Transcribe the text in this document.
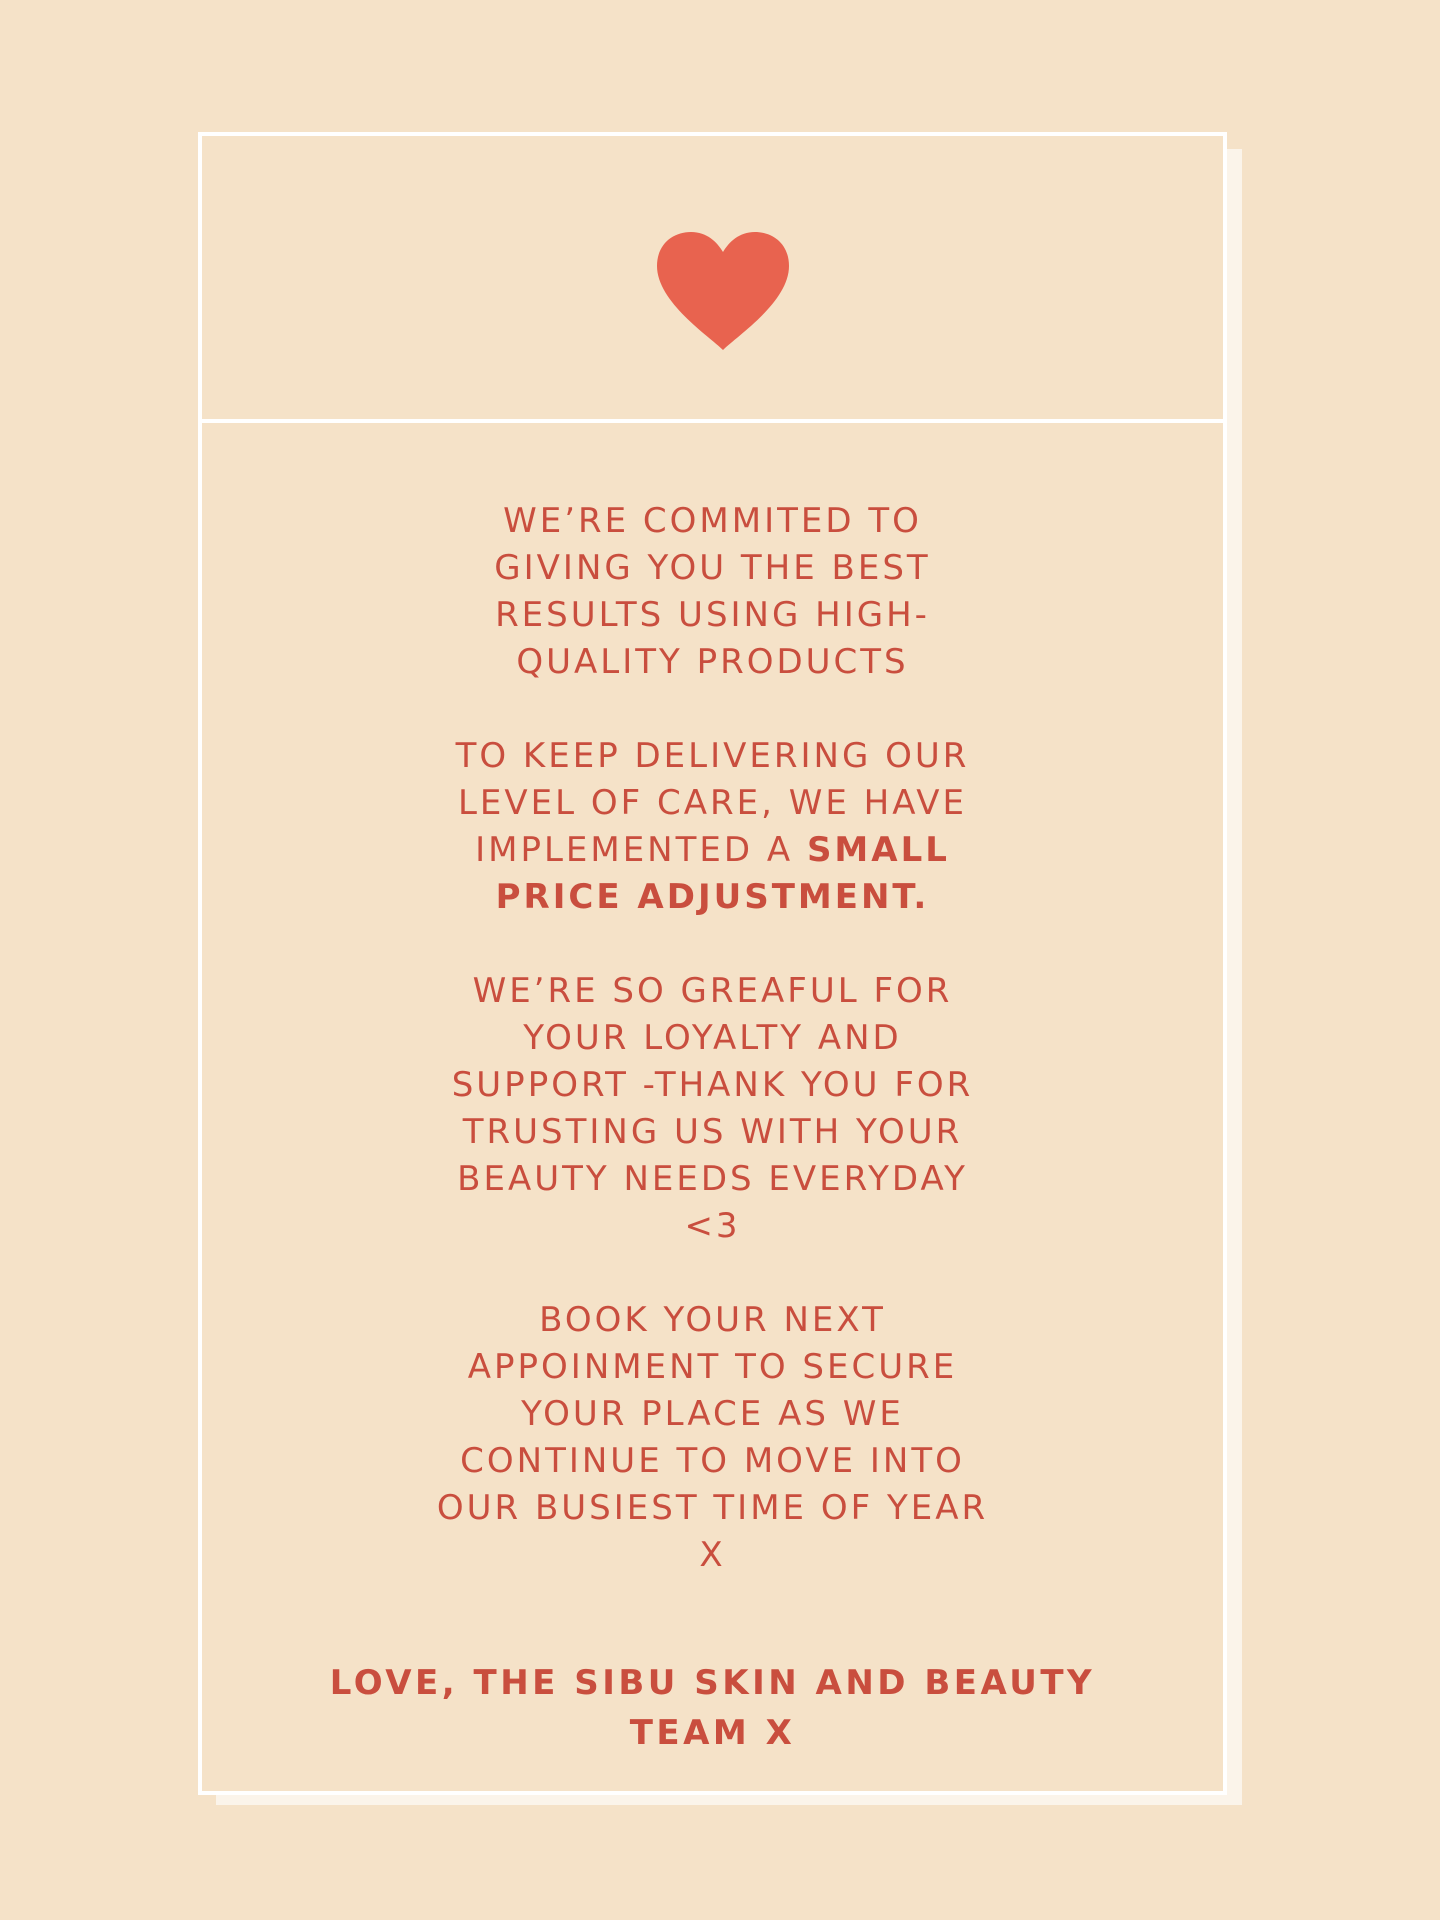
WE’RE COMMITED TO
GIVING YOU THE BEST
RESULTS USING HIGH-
QUALITY PRODUCTS
TO KEEP DELIVERING OUR
LEVEL OF CARE, WE HAVE
IMPLEMENTED A SMALL
PRICE ADJUSTMENT.
WE’RE SO GREAFUL FOR
YOUR LOYALTY AND
SUPPORT -THANK YOU FOR
TRUSTING US WITH YOUR
BEAUTY NEEDS EVERYDAY
<3
BOOK YOUR NEXT
APPOINMENT TO SECURE
YOUR PLACE AS WE
CONTINUE TO MOVE INTO
OUR BUSIEST TIME OF YEAR
X
LOVE, THE SIBU SKIN AND BEAUTY
TEAM X
